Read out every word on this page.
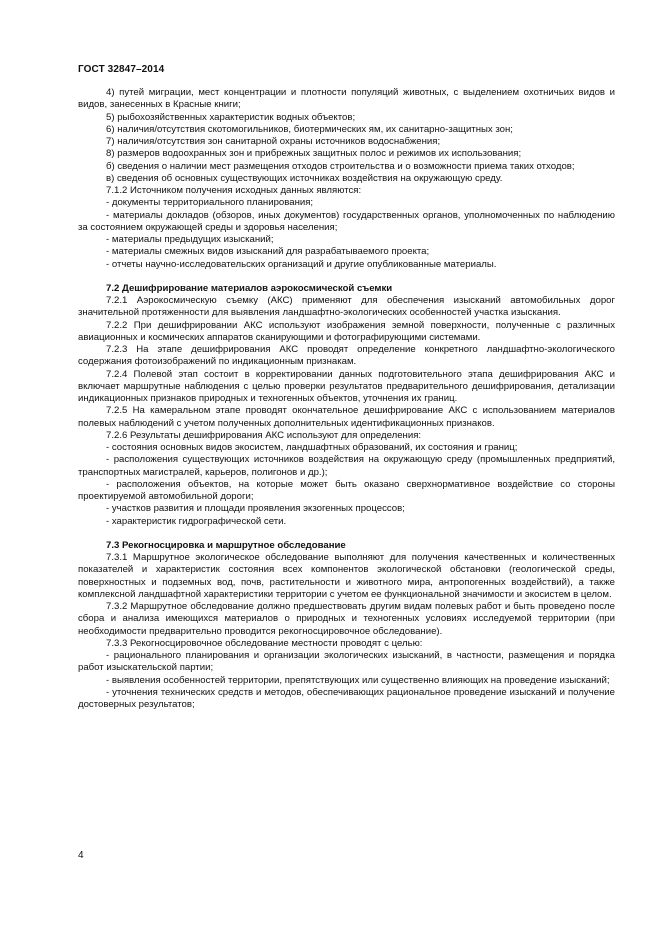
ГОСТ 32847–2014

4) путей миграции, мест концентрации и плотности популяций животных, с выделением охотничьих видов и видов, занесенных в Красные книги;

5) рыбохозяйственных характеристик водных объектов;

6) наличия/отсутствия скотомогильников, биотермических ям, их санитарно-защитных зон;

7) наличия/отсутствия зон санитарной охраны источников водоснабжения;

8) размеров водоохранных зон и прибрежных защитных полос и режимов их использования;

б) сведения о наличии мест размещения отходов строительства и о возможности приема таких отходов;

в) сведения об основных существующих источниках воздействия на окружающую среду.

7.1.2 Источником получения исходных данных являются:

- документы территориального планирования;

- материалы докладов (обзоров, иных документов) государственных органов, уполномоченных по наблюдению за состоянием окружающей среды и здоровья населения;

- материалы предыдущих изысканий;

- материалы смежных видов изысканий для разрабатываемого проекта;

- отчеты научно-исследовательских организаций и другие опубликованные материалы.

7.2 Дешифрирование материалов аэрокосмической съемки

7.2.1 Аэрокосмическую съемку (АКС) применяют для обеспечения изысканий автомобильных дорог значительной протяженности для выявления ландшафтно-экологических особенностей участка изыскания.

7.2.2 При дешифрировании АКС используют изображения земной поверхности, полученные с различных авиационных и космических аппаратов сканирующими и фотографирующими системами.

7.2.3 На этапе дешифрирования АКС проводят определение конкретного ландшафтно-экологического содержания фотоизображений по индикационным признакам.

7.2.4 Полевой этап состоит в корректировании данных подготовительного этапа дешифрирования АКС и включает маршрутные наблюдения с целью проверки результатов предварительного дешифрирования, детализации индикационных признаков природных и техногенных объектов, уточнения их границ.

7.2.5 На камеральном этапе проводят окончательное дешифрирование АКС с использованием материалов полевых наблюдений с учетом полученных дополнительных идентификационных признаков.

7.2.6 Результаты дешифрирования АКС используют для определения:

- состояния основных видов экосистем, ландшафтных образований, их состояния и границ;

- расположения существующих источников воздействия на окружающую среду (промышленных предприятий, транспортных магистралей, карьеров, полигонов и др.);

- расположения объектов, на которые может быть оказано сверхнормативное воздействие со стороны проектируемой автомобильной дороги;

- участков развития и площади проявления экзогенных процессов;

- характеристик гидрографической сети.

7.3 Рекогносцировка и маршрутное обследование

7.3.1 Маршрутное экологическое обследование выполняют для получения качественных и количественных показателей и характеристик состояния всех компонентов экологической обстановки (геологической среды, поверхностных и подземных вод, почв, растительности и животного мира, антропогенных воздействий), а также комплексной ландшафтной характеристики территории с учетом ее функциональной значимости и экосистем в целом.

7.3.2 Маршрутное обследование должно предшествовать другим видам полевых работ и быть проведено после сбора и анализа имеющихся материалов о природных и техногенных условиях исследуемой территории (при необходимости предварительно проводится рекогносцировочное обследование).

7.3.3 Рекогносцировочное обследование местности проводят с целью:

- рационального планирования и организации экологических изысканий, в частности, размещения и порядка работ изыскательской партии;

- выявления особенностей территории, препятствующих или существенно влияющих на проведение изысканий;

- уточнения технических средств и методов, обеспечивающих рациональное проведение изысканий и получение достоверных результатов;

4
